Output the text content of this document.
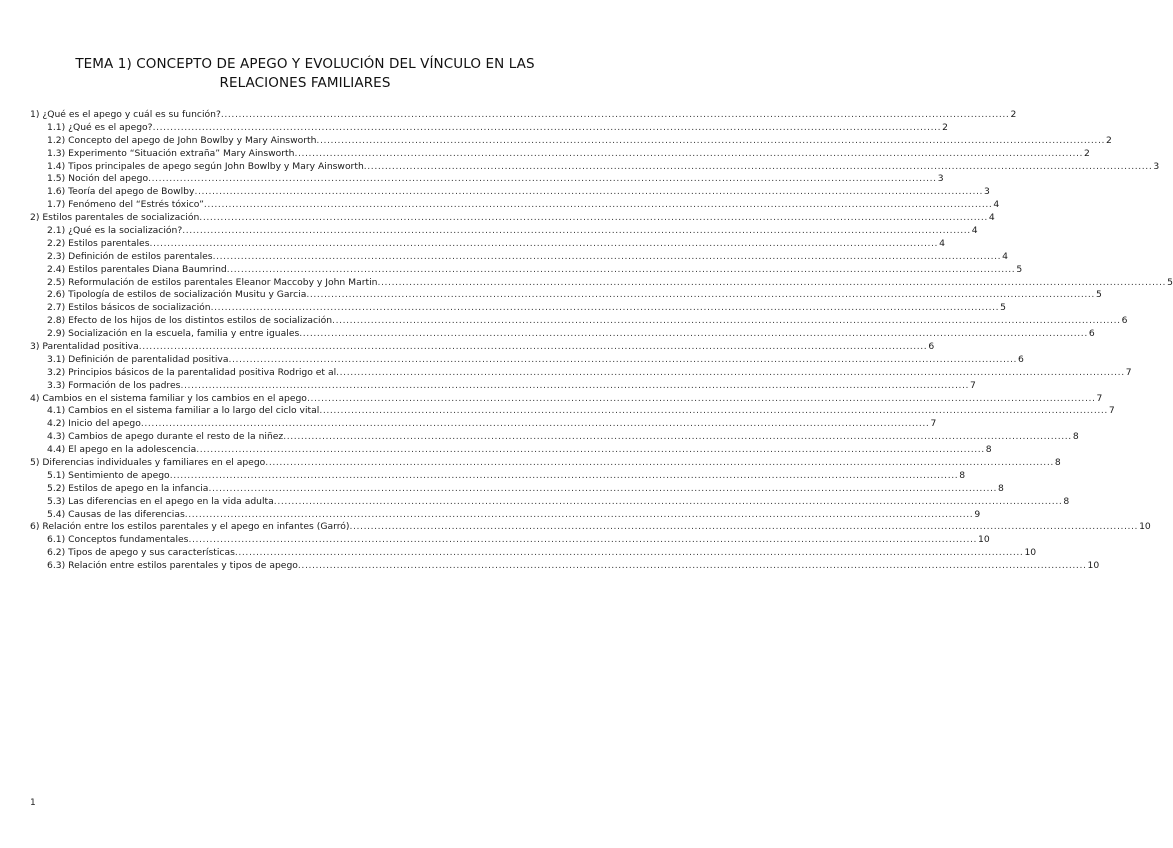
TEMA 1) CONCEPTO DE APEGO Y EVOLUCIÓN DEL VÍNCULO EN LAS RELACIONES FAMILIARES
1) ¿Qué es el apego y cuál es su función? .....	2
1.1) ¿Qué es el apego? .....	2
1.2) Concepto del apego de John Bowlby y Mary Ainsworth .....	2
1.3) Experimento “Situación extraña” Mary Ainsworth .....	2
1.4) Tipos principales de apego según John Bowlby y Mary Ainsworth .....	3
1.5) Noción del apego .....	3
1.6) Teoría del apego de Bowlby .....	3
1.7) Fenómeno del “Estrés tóxico” .....	4
2) Estilos parentales de socialización .....	4
2.1) ¿Qué es la socialización? .....	4
2.2) Estilos parentales .....	4
2.3) Definición de estilos parentales .....	4
2.4) Estilos parentales Diana Baumrind .....	5
2.5) Reformulación de estilos parentales Eleanor Maccoby y John Martin .....	5
2.6) Tipología de estilos de socialización Musitu y Garcia .....	5
2.7) Estilos básicos de socialización .....	5
2.8) Efecto de los hijos de los distintos estilos de socialización .....	6
2.9) Socialización en la escuela, familia y entre iguales .....	6
3) Parentalidad positiva .....	6
3.1) Definición de parentalidad positiva .....	6
3.2) Principios básicos de la parentalidad positiva Rodrigo et al .....	7
3.3) Formación de los padres .....	7
4) Cambios en el sistema familiar y los cambios en el apego .....	7
4.1) Cambios en el sistema familiar a lo largo del ciclo vital .....	7
4.2) Inicio del apego .....	7
4.3) Cambios de apego durante el resto de la niñez .....	8
4.4) El apego en la adolescencia .....	8
5) Diferencias individuales y familiares en el apego .....	8
5.1) Sentimiento de apego .....	8
5.2) Estilos de apego en la infancia .....	8
5.3) Las diferencias en el apego en la vida adulta .....	8
5.4) Causas de las diferencias .....	9
6) Relación entre los estilos parentales y el apego en infantes (Garró) .....	10
6.1) Conceptos fundamentales .....	10
6.2) Tipos de apego y sus características .....	10
6.3) Relación entre estilos parentales y tipos de apego .....	10
1
